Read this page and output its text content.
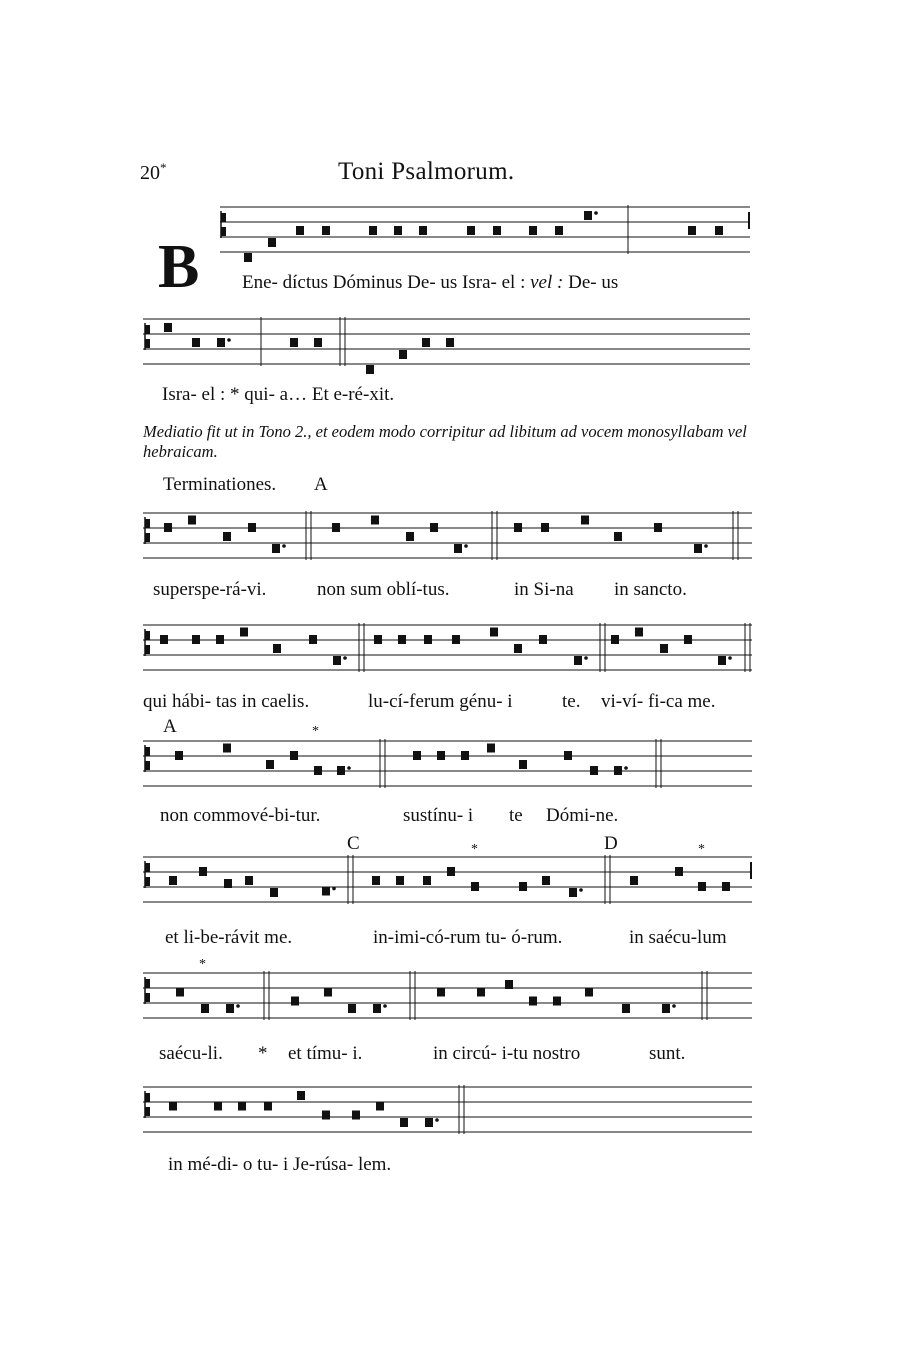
20*	Toni Psalmorum.
B Ene- díctus Dóminus De- us Isra- el : vel : De- us
Isra- el : * qui- a… Et e-ré-xit.
Mediatio fit ut in Tono 2., et eodem modo corripitur ad libitum ad vocem monosyllabam vel hebraicam.
Terminationes. A
superspe-rá-vi.	non sum oblí-tus.	in Si-na in sancto.
qui hábi- tas in caelis.	lu-cí-ferum génu- i	te. vi-ví- fi-ca me.
A	*
non commové-bi-tur.	sustínu- i te Dómi-ne.
C	*	D	*
et li-be-rávit me.	in-imi-có-rum tu- ó-rum.	in saécu-lum
*
saécu-li. * et tímu- i.	in circú- i-tu nostro	sunt.
in mé-di- o tu- i Je-rúsa- lem.
